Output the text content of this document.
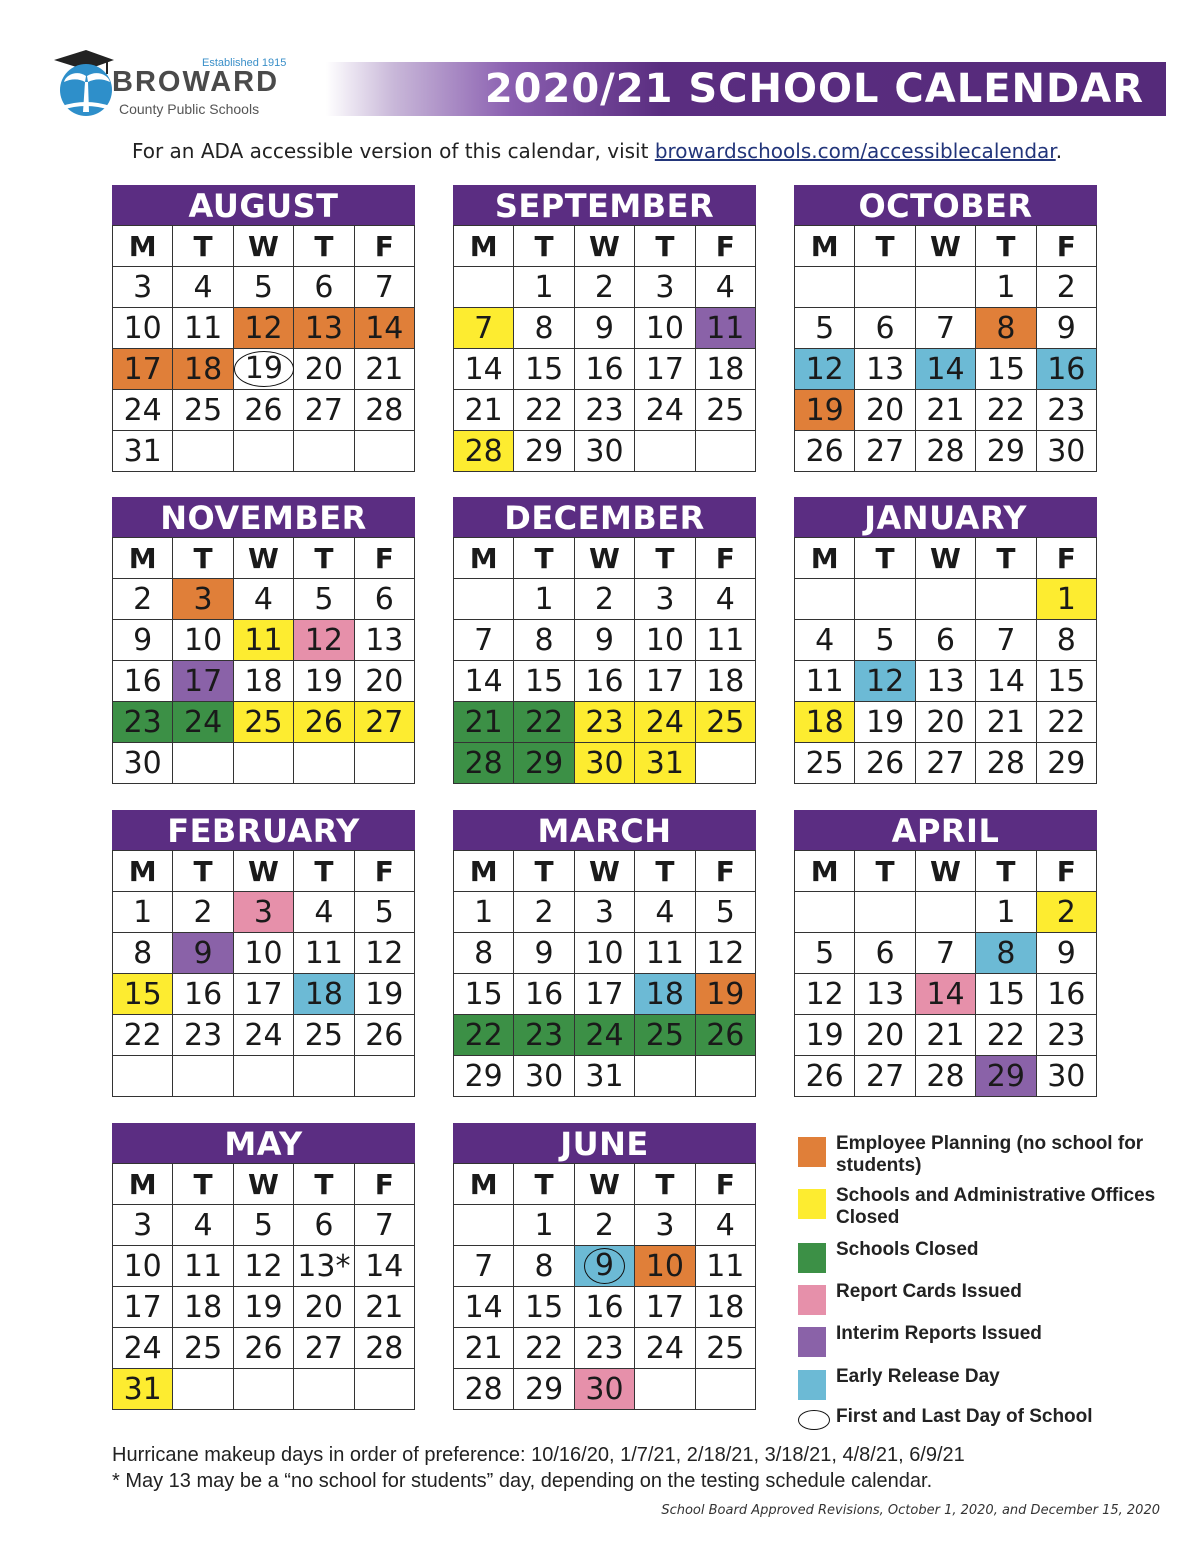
Established 1915
BROWARD
County Public Schools	2020/21 SCHOOL CALENDAR
For an ADA accessible version of this calendar, visit browardschools.com/accessiblecalendar.
AUGUST
M	T	W	T	F
3	4	5	6	7
10	11	12	13	14
17	18	19	20	21
24	25	26	27	28
31				
SEPTEMBER
M	T	W	T	F
	1	2	3	4
7	8	9	10	11
14	15	16	17	18
21	22	23	24	25
28	29	30		
OCTOBER
M	T	W	T	F
			1	2
5	6	7	8	9
12	13	14	15	16
19	20	21	22	23
26	27	28	29	30
NOVEMBER
M	T	W	T	F
2	3	4	5	6
9	10	11	12	13
16	17	18	19	20
23	24	25	26	27
30				
DECEMBER
M	T	W	T	F
	1	2	3	4
7	8	9	10	11
14	15	16	17	18
21	22	23	24	25
28	29	30	31	
JANUARY
M	T	W	T	F
				1
4	5	6	7	8
11	12	13	14	15
18	19	20	21	22
25	26	27	28	29
FEBRUARY
M	T	W	T	F
1	2	3	4	5
8	9	10	11	12
15	16	17	18	19
22	23	24	25	26

MARCH
M	T	W	T	F
1	2	3	4	5
8	9	10	11	12
15	16	17	18	19
22	23	24	25	26
29	30	31		
APRIL
M	T	W	T	F
			1	2
5	6	7	8	9
12	13	14	15	16
19	20	21	22	23
26	27	28	29	30
MAY
M	T	W	T	F
3	4	5	6	7
10	11	12	13*	14
17	18	19	20	21
24	25	26	27	28
31				
JUNE
M	T	W	T	F
	1	2	3	4
7	8	9	10	11
14	15	16	17	18
21	22	23	24	25
28	29	30		
Employee Planning (no school for students)
Schools and Administrative Offices Closed
Schools Closed
Report Cards Issued
Interim Reports Issued
Early Release Day
First and Last Day of School
Hurricane makeup days in order of preference: 10/16/20, 1/7/21, 2/18/21, 3/18/21, 4/8/21, 6/9/21
* May 13 may be a “no school for students” day, depending on the testing schedule calendar.
School Board Approved Revisions, October 1, 2020, and December 15, 2020
